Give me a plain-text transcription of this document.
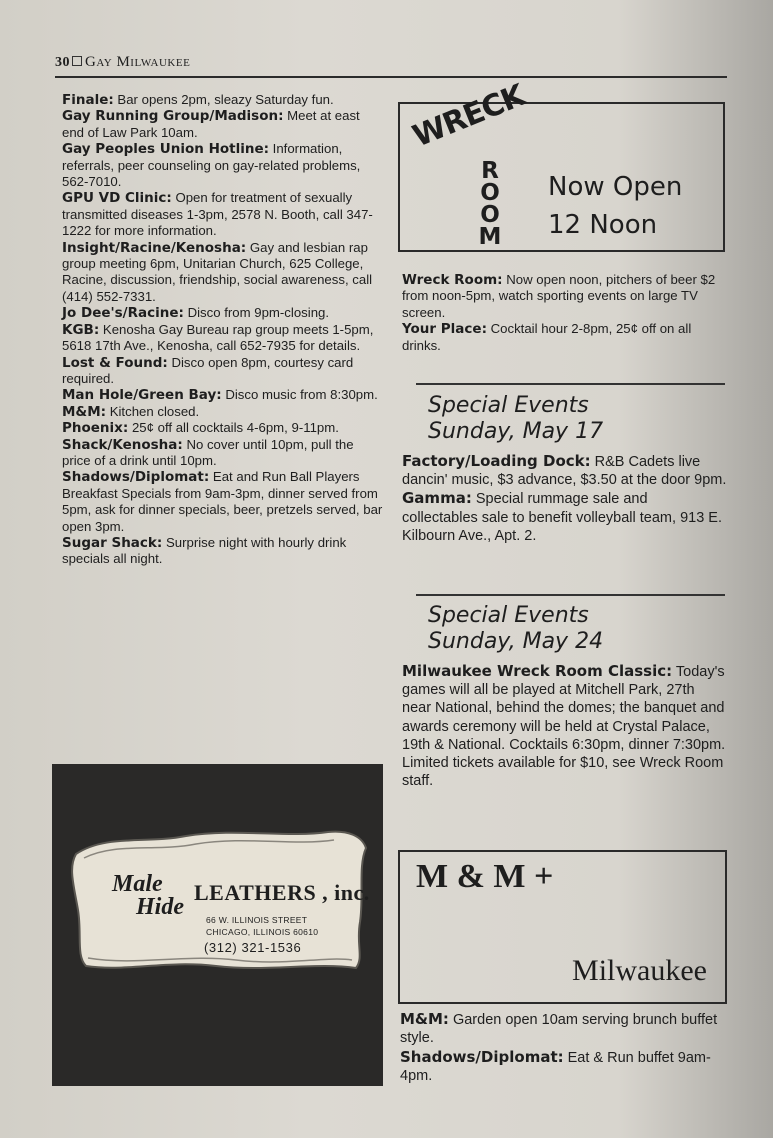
30 Gay Milwaukee

Finale: Bar opens 2pm, sleazy Saturday fun.

Gay Running Group/Madison: Meet at east end of Law Park 10am.

Gay Peoples Union Hotline: Information, referrals, peer counseling on gay-related problems, 562-7010.

GPU VD Clinic: Open for treatment of sexually transmitted diseases 1-3pm, 2578 N. Booth, call 347-1222 for more information.

Insight/Racine/Kenosha: Gay and lesbian rap group meeting 6pm, Unitarian Church, 625 College, Racine, discussion, friendship, social awareness, call (414) 552-7331.

Jo Dee's/Racine: Disco from 9pm-closing.

KGB: Kenosha Gay Bureau rap group meets 1-5pm, 5618 17th Ave., Kenosha, call 652-7935 for details.

Lost & Found: Disco open 8pm, courtesy card required.

Man Hole/Green Bay: Disco music from 8:30pm.

M&M: Kitchen closed.

Phoenix: 25¢ off all cocktails 4-6pm, 9-11pm.

Shack/Kenosha: No cover until 10pm, pull the price of a drink until 10pm.

Shadows/Diplomat: Eat and Run Ball Players Breakfast Specials from 9am-3pm, dinner served from 5pm, ask for dinner specials, beer, pretzels served, bar open 3pm.

Sugar Shack: Surprise night with hourly drink specials all night.

WRECK
R
O
O
M
Now Open
12 Noon

Wreck Room: Now open noon, pitchers of beer $2 from noon-5pm, watch sporting events on large TV screen.

Your Place: Cocktail hour 2-8pm, 25¢ off on all drinks.

Special Events
Sunday, May 17

Factory/Loading Dock: R&B Cadets live dancin' music, $3 advance, $3.50 at the door 9pm.

Gamma: Special rummage sale and collectables sale to benefit volleyball team, 913 E. Kilbourn Ave., Apt. 2.

Special Events
Sunday, May 24

Milwaukee Wreck Room Classic: Today's games will all be played at Mitchell Park, 27th near National, behind the domes; the banquet and awards ceremony will be held at Crystal Palace, 19th & National. Cocktails 6:30pm, dinner 7:30pm. Limited tickets available for $10, see Wreck Room staff.

M & M +
Milwaukee

M&M: Garden open 10am serving brunch buffet style.

Shadows/Diplomat: Eat & Run buffet 9am-4pm.

Male
Hide
LEATHERS , inc.
66 W. ILLINOIS STREET
CHICAGO, ILLINOIS 60610
(312) 321-1536
